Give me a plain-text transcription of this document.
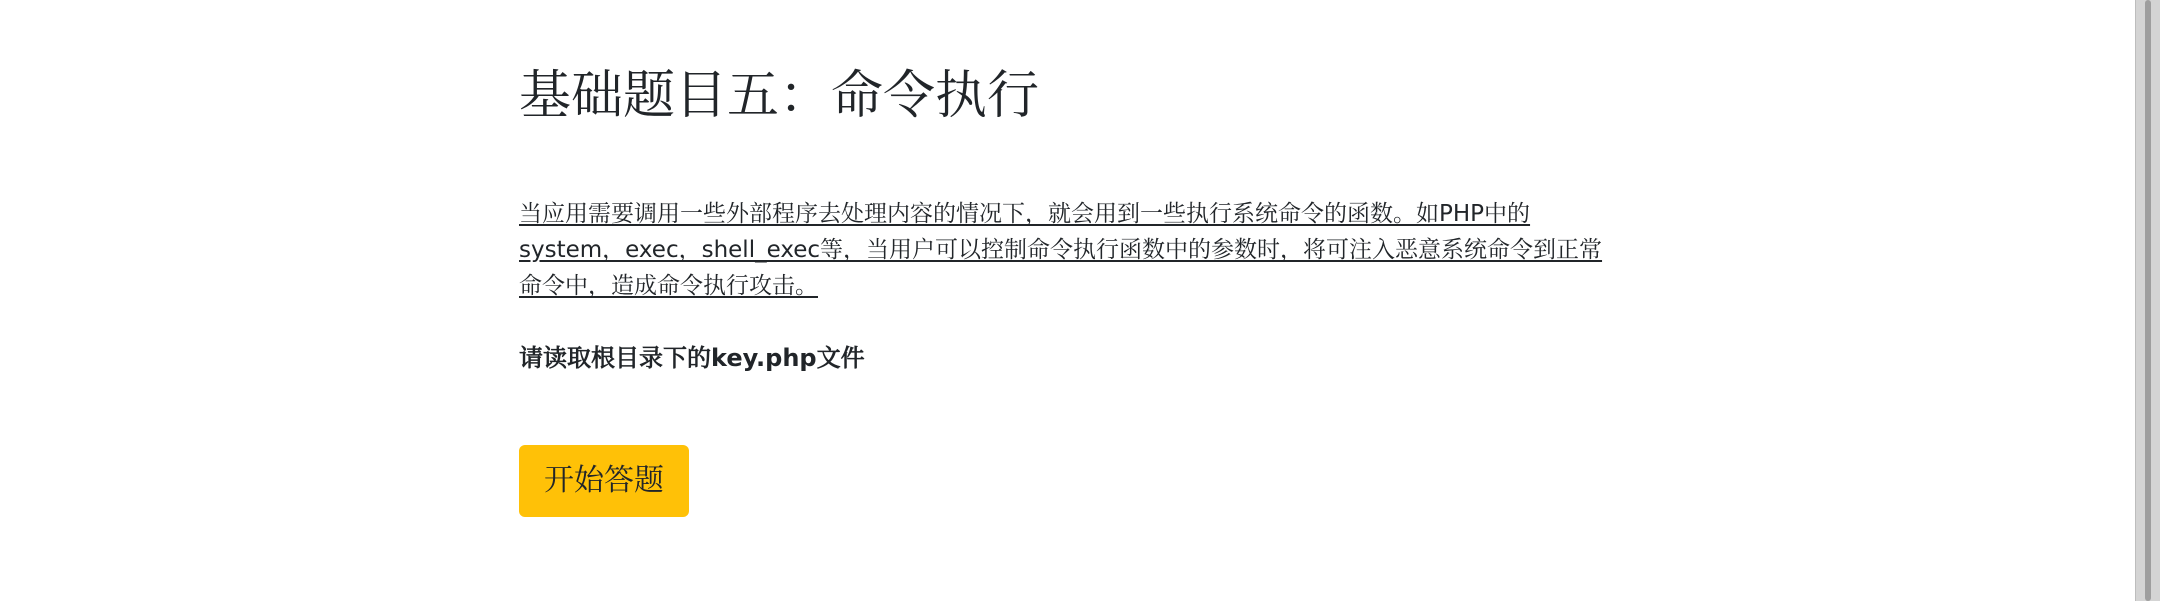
基础题目五：命令执行

当应用需要调用一些外部程序去处理内容的情况下，就会用到一些执行系统命令的函数。如PHP中的system，exec，shell_exec等，当用户可以控制命令执行函数中的参数时，将可注入恶意系统命令到正常命令中，造成命令执行攻击。

请读取根目录下的key.php文件

开始答题
